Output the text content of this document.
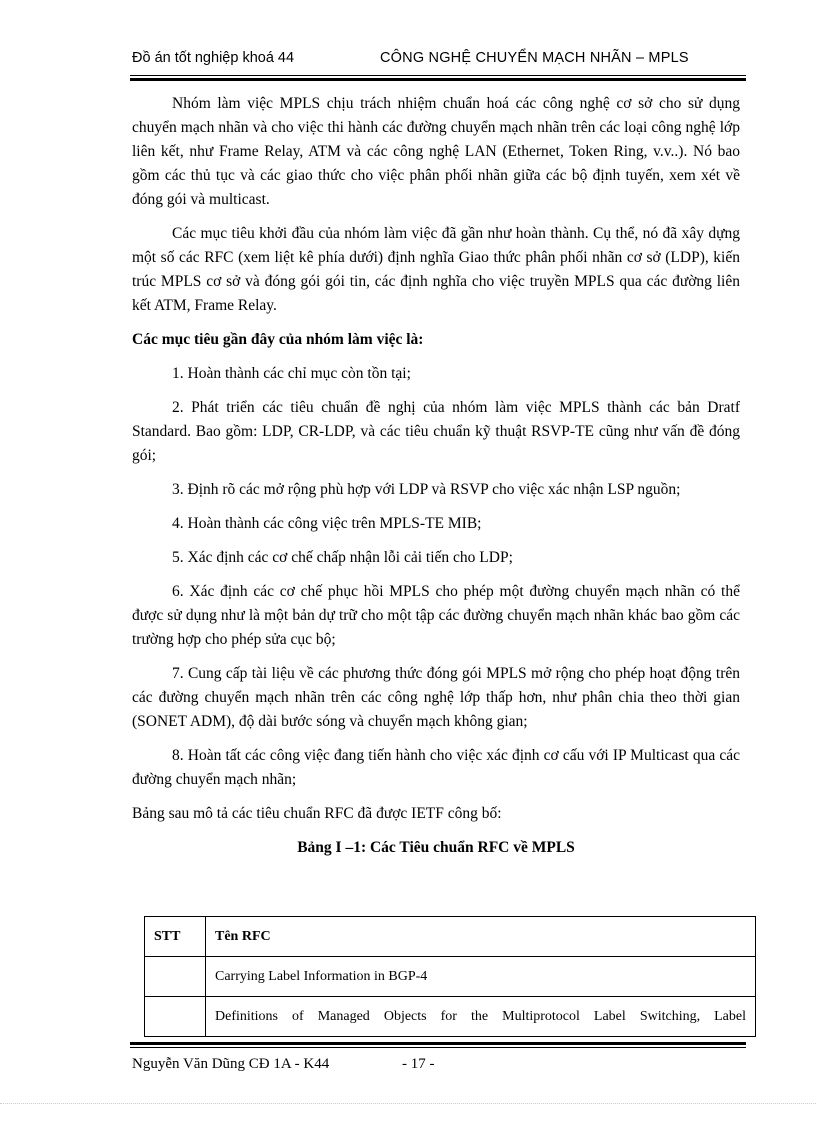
Đồ án tốt nghiệp khoá 44	CÔNG NGHỆ CHUYỂN MẠCH NHÃN – MPLS

Nhóm làm việc MPLS chịu trách nhiệm chuẩn hoá các công nghệ cơ sở cho sử dụng chuyển mạch nhãn và cho việc thi hành các đường chuyển mạch nhãn trên các loại công nghệ lớp liên kết, như Frame Relay, ATM và các công nghệ LAN (Ethernet, Token Ring, v.v..). Nó bao gồm các thủ tục và các giao thức cho việc phân phối nhãn giữa các bộ định tuyến, xem xét về đóng gói và multicast.

Các mục tiêu khởi đầu của nhóm làm việc đã gần như hoàn thành. Cụ thể, nó đã xây dựng một số các RFC (xem liệt kê phía dưới) định nghĩa Giao thức phân phối nhãn cơ sở (LDP), kiến trúc MPLS cơ sở và đóng gói gói tin, các định nghĩa cho việc truyền MPLS qua các đường liên kết ATM, Frame Relay.

Các mục tiêu gần đây của nhóm làm việc là:

1. Hoàn thành các chỉ mục còn tồn tại;

2. Phát triển các tiêu chuẩn đề nghị của nhóm làm việc MPLS thành các bản Dratf Standard. Bao gồm: LDP, CR-LDP, và các tiêu chuẩn kỹ thuật RSVP-TE cũng như vấn đề đóng gói;

3. Định rõ các mở rộng phù hợp với LDP và RSVP cho việc xác nhận LSP nguồn;

4. Hoàn thành các công việc trên MPLS-TE MIB;

5. Xác định các cơ chế chấp nhận lỗi cải tiến cho LDP;

6. Xác định các cơ chế phục hồi MPLS cho phép một đường chuyển mạch nhãn có thể được sử dụng như là một bản dự trữ cho một tập các đường chuyển mạch nhãn khác bao gồm các trường hợp cho phép sửa cục bộ;

7. Cung cấp tài liệu về các phương thức đóng gói MPLS mở rộng cho phép hoạt động trên các đường chuyển mạch nhãn trên các công nghệ lớp thấp hơn, như phân chia theo thời gian (SONET ADM), độ dài bước sóng và chuyển mạch không gian;

8. Hoàn tất các công việc đang tiến hành cho việc xác định cơ cấu với IP Multicast qua các đường chuyển mạch nhãn;

Bảng sau mô tả các tiêu chuẩn RFC đã được IETF công bố:

Bảng I –1: Các Tiêu chuẩn RFC về MPLS

STT	Tên RFC
	Carrying Label Information in BGP-4
	Definitions of Managed Objects for the Multiprotocol Label Switching, Label
Nguyễn Văn Dũng CĐ 1A - K44	- 17 -
